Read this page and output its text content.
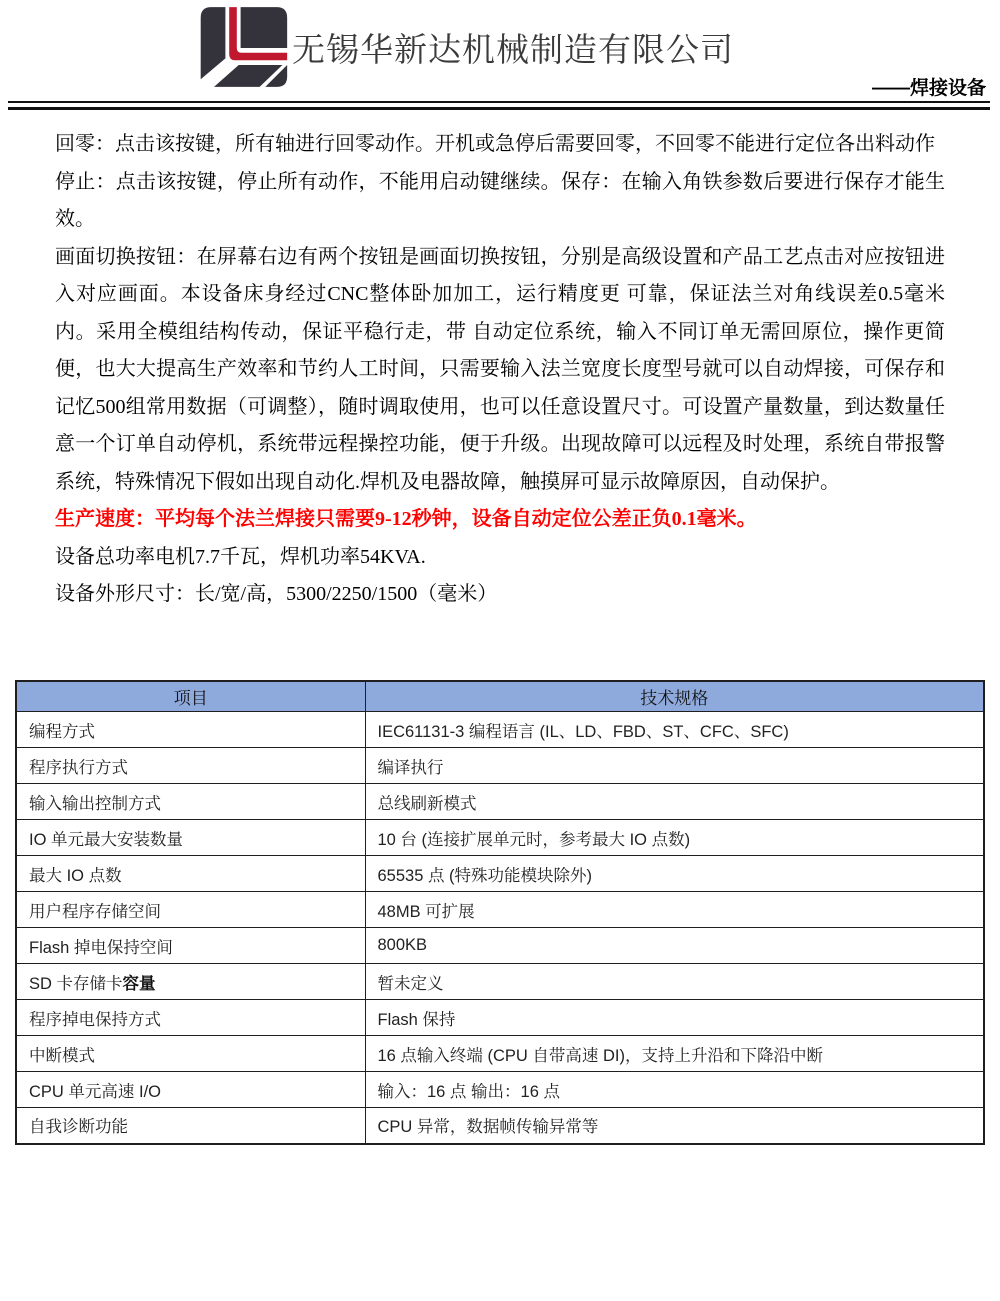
无锡华新达机械制造有限公司
——焊接设备

回零：点击该按键，所有轴进行回零动作。开机或急停后需要回零，不回零不能进行定位各出料动作

停止：点击该按键，停止所有动作，不能用启动键继续。保存：在输入角铁参数后要进行保存才能生效。

画面切换按钮：在屏幕右边有两个按钮是画面切换按钮，分别是高级设置和产品工艺点击对应按钮进入对应画面。本设备床身经过CNC整体卧加加工，运行精度更 可靠，保证法兰对角线误差0.5毫米内。采用全模组结构传动，保证平稳行走，带 自动定位系统，输入不同订单无需回原位，操作更简便，也大大提高生产效率和节约人工时间，只需要输入法兰宽度长度型号就可以自动焊接，可保存和记忆500组常用数据（可调整），随时调取使用，也可以任意设置尺寸。可设置产量数量，到达数量任意一个订单自动停机，系统带远程操控功能，便于升级。出现故障可以远程及时处理，系统自带报警系统，特殊情况下假如出现自动化.焊机及电器故障，触摸屏可显示故障原因，自动保护。

生产速度：平均每个法兰焊接只需要9-12秒钟，设备自动定位公差正负0.1毫米。

设备总功率电机7.7千瓦，焊机功率54KVA.

设备外形尺寸：长/宽/高，5300/2250/1500（毫米）

项目	技术规格
编程方式	IEC61131-3 编程语言 (IL、LD、FBD、ST、CFC、SFC)
程序执行方式	编译执行
输入输出控制方式	总线刷新模式
IO 单元最大安装数量	10 台 (连接扩展单元时，参考最大 IO 点数)
最大 IO 点数	65535 点 (特殊功能模块除外)
用户程序存储空间	48MB 可扩展
Flash 掉电保持空间	800KB
SD 卡存储卡容量	暂未定义
程序掉电保持方式	Flash 保持
中断模式	16 点输入终端 (CPU 自带高速 DI)，支持上升沿和下降沿中断
CPU 单元高速 I/O	输入：16 点 输出：16 点
自我诊断功能	CPU 异常，数据帧传输异常等
